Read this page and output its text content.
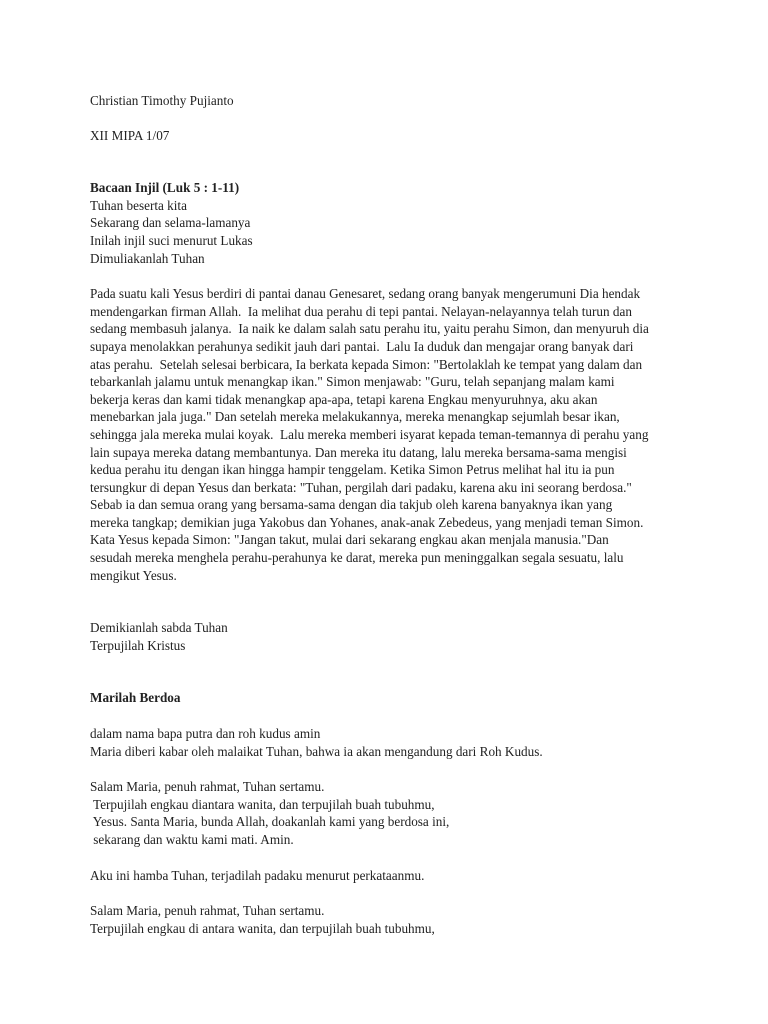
Christian Timothy Pujianto
XII MIPA 1/07
Bacaan Injil (Luk 5 : 1-11)
Tuhan beserta kita
Sekarang dan selama-lamanya
Inilah injil suci menurut Lukas
Dimuliakanlah Tuhan
Pada suatu kali Yesus berdiri di pantai danau Genesaret, sedang orang banyak mengerumuni Dia hendak
mendengarkan firman Allah.  Ia melihat dua perahu di tepi pantai. Nelayan-nelayannya telah turun dan
sedang membasuh jalanya.  Ia naik ke dalam salah satu perahu itu, yaitu perahu Simon, dan menyuruh dia
supaya menolakkan perahunya sedikit jauh dari pantai.  Lalu Ia duduk dan mengajar orang banyak dari
atas perahu.  Setelah selesai berbicara, Ia berkata kepada Simon: "Bertolaklah ke tempat yang dalam dan
tebarkanlah jalamu untuk menangkap ikan." Simon menjawab: "Guru, telah sepanjang malam kami
bekerja keras dan kami tidak menangkap apa-apa, tetapi karena Engkau menyuruhnya, aku akan
menebarkan jala juga." Dan setelah mereka melakukannya, mereka menangkap sejumlah besar ikan,
sehingga jala mereka mulai koyak.  Lalu mereka memberi isyarat kepada teman-temannya di perahu yang
lain supaya mereka datang membantunya. Dan mereka itu datang, lalu mereka bersama-sama mengisi
kedua perahu itu dengan ikan hingga hampir tenggelam. Ketika Simon Petrus melihat hal itu ia pun
tersungkur di depan Yesus dan berkata: "Tuhan, pergilah dari padaku, karena aku ini seorang berdosa."
Sebab ia dan semua orang yang bersama-sama dengan dia takjub oleh karena banyaknya ikan yang
mereka tangkap; demikian juga Yakobus dan Yohanes, anak-anak Zebedeus, yang menjadi teman Simon.
Kata Yesus kepada Simon: "Jangan takut, mulai dari sekarang engkau akan menjala manusia."Dan
sesudah mereka menghela perahu-perahunya ke darat, mereka pun meninggalkan segala sesuatu, lalu
mengikut Yesus.
Demikianlah sabda Tuhan
Terpujilah Kristus
Marilah Berdoa
dalam nama bapa putra dan roh kudus amin
Maria diberi kabar oleh malaikat Tuhan, bahwa ia akan mengandung dari Roh Kudus.
Salam Maria, penuh rahmat, Tuhan sertamu.
Terpujilah engkau diantara wanita, dan terpujilah buah tubuhmu,
Yesus. Santa Maria, bunda Allah, doakanlah kami yang berdosa ini,
sekarang dan waktu kami mati. Amin.
Aku ini hamba Tuhan, terjadilah padaku menurut perkataanmu.
Salam Maria, penuh rahmat, Tuhan sertamu.
Terpujilah engkau di antara wanita, dan terpujilah buah tubuhmu,
